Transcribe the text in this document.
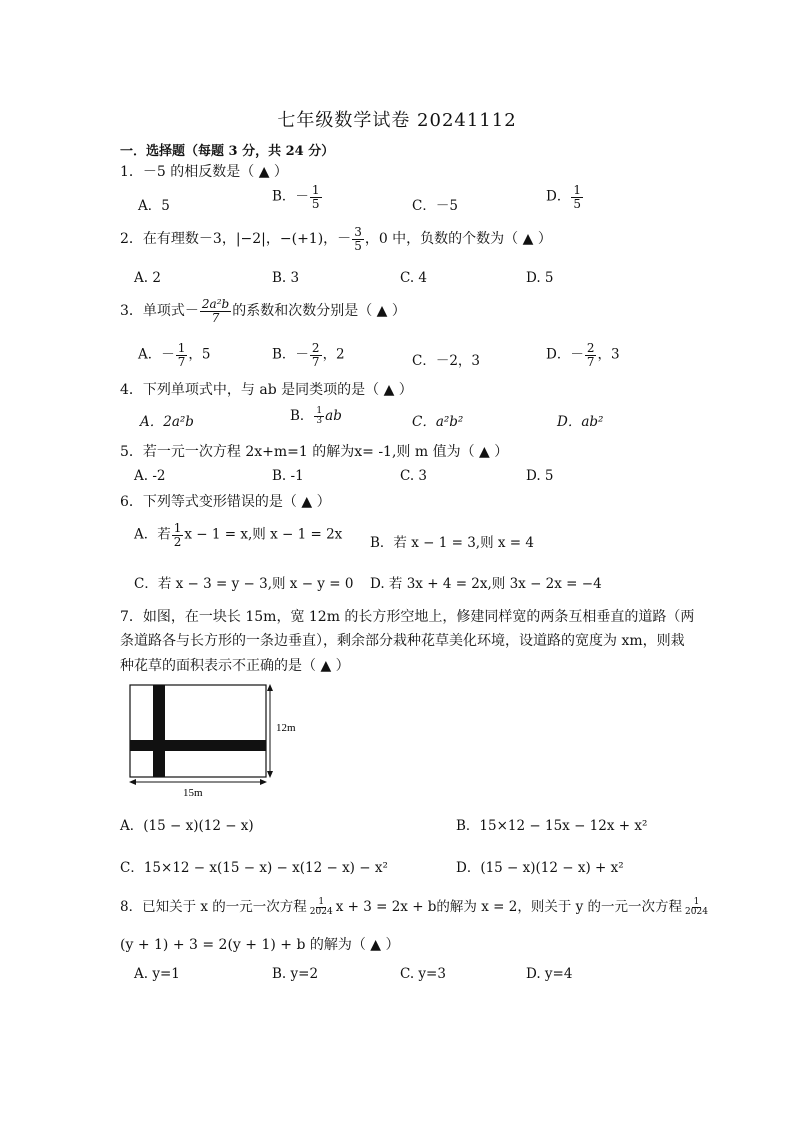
七年级数学试卷 20241112
一．选择题（每题 3 分，共 24 分）
1．－5 的相反数是（ ▲ ）
A．5
B．－ $\frac{1}{5}$	C．－5
D． $\frac{1}{5}$
2．在有理数－3，|−2|，−(+1)，－ $\frac{3}{5}$ ，0 中，负数的个数为（ ▲ ）
A. 2	B. 3	C. 4	D. 5
3．单项式－ $\frac{\text{2a²b}}{7}$ 的系数和次数分别是（ ▲ ）
A．－ $\frac{1}{7}$ ，5	B．－ $\frac{2}{7}$ ，2	C．－2，3	D．－ $\frac{2}{7}$ ，3
4．下列单项式中，与 ab 是同类项的是（ ▲ ）
A．2a²b	B． $\frac{1}{3}$ ab	C．a²b²	D．ab²
5．若一元一次方程 2x+m=1 的解为x= -1,则 m 值为（ ▲ ）
A. -2	B. -1	C. 3	D. 5
6．下列等式变形错误的是（ ▲ ）
A．若 $\frac{1}{2}$ x − 1 = x,则 x − 1 = 2x
B．若 x − 1 = 3,则 x = 4
C．若 x − 3 = y − 3,则 x − y = 0 D. 若 3x + 4 = 2x,则 3x − 2x = −4
7．如图，在一块长 15m，宽 12m 的长方形空地上，修建同样宽的两条互相垂直的道路（两
条道路各与长方形的一条边垂直），剩余部分栽种花草美化环境，设道路的宽度为 xm，则栽
种花草的面积表示不正确的是（ ▲ ）
12m
15m
A．(15 − x)(12 − x)	B．15×12 − 15x − 12x + x²
C．15×12 − x(15 − x) − x(12 − x) − x²	D．(15 − x)(12 − x) + x²
8．已知关于 x 的一元一次方程 $\frac{1}{2024}$ x + 3 = 2x + b的解为 x = 2，则关于 y 的一元一次方程 $\frac{1}{2024}$
(y + 1) + 3 = 2(y + 1) + b 的解为（ ▲ ）
A. y=1	B. y=2	C. y=3	D. y=4
